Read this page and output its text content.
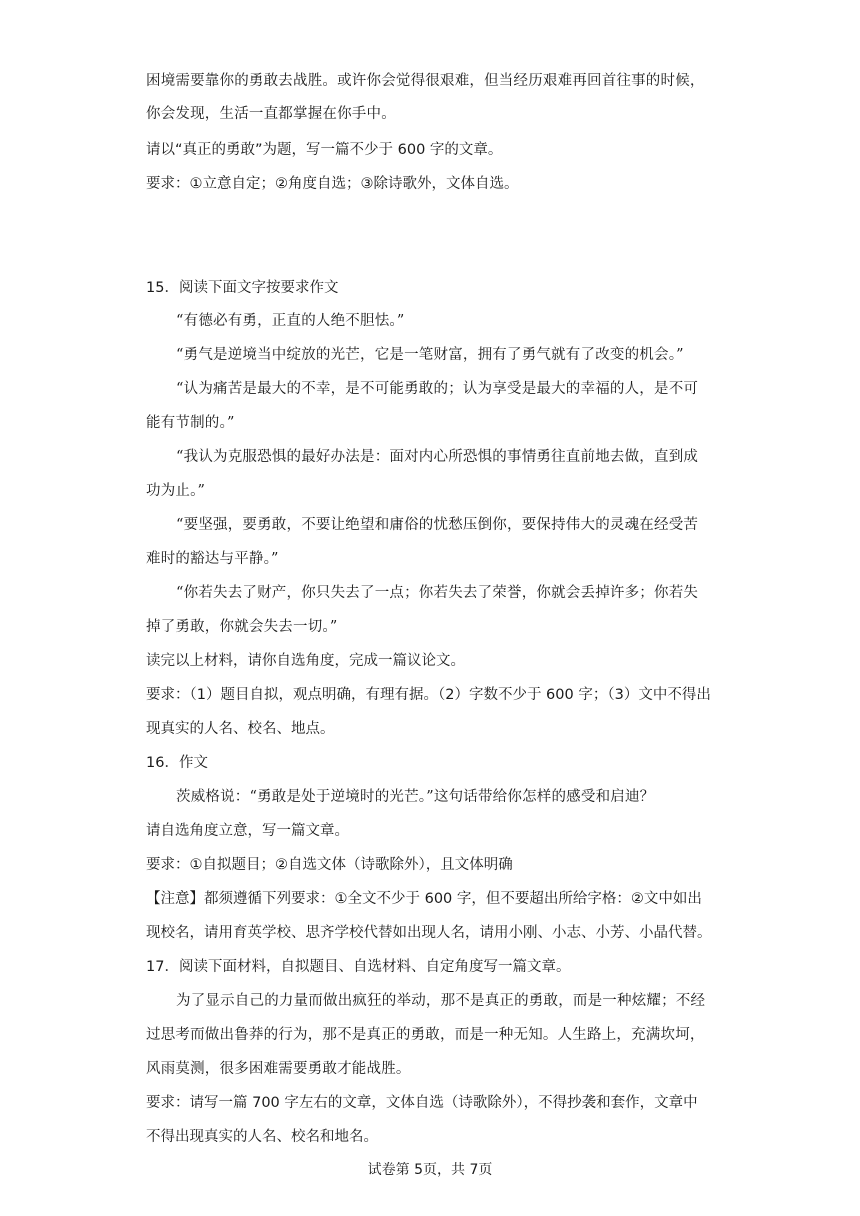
困境需要靠你的勇敢去战胜。或许你会觉得很艰难，但当经历艰难再回首往事的时候，
你会发现，生活一直都掌握在你手中。
请以“真正的勇敢”为题，写一篇不少于 600 字的文章。
要求：①立意自定；②角度自选；③除诗歌外，文体自选。
15．阅读下面文字按要求作文
“有德必有勇，正直的人绝不胆怯。”
“勇气是逆境当中绽放的光芒，它是一笔财富，拥有了勇气就有了改变的机会。”
“认为痛苦是最大的不幸，是不可能勇敢的；认为享受是最大的幸福的人，是不可
能有节制的。”
“我认为克服恐惧的最好办法是：面对内心所恐惧的事情勇往直前地去做，直到成
功为止。”
“要坚强，要勇敢，不要让绝望和庸俗的忧愁压倒你，要保持伟大的灵魂在经受苦
难时的豁达与平静。”
“你若失去了财产，你只失去了一点；你若失去了荣誉，你就会丢掉许多；你若失
掉了勇敢，你就会失去一切。”
读完以上材料，请你自选角度，完成一篇议论文。
要求：（1）题目自拟，观点明确，有理有据。（2）字数不少于 600 字；（3）文中不得出
现真实的人名、校名、地点。
16．作文
茨威格说：“勇敢是处于逆境时的光芒。”这句话带给你怎样的感受和启迪？
请自选角度立意，写一篇文章。
要求：①自拟题目；②自选文体（诗歌除外），且文体明确
【注意】都须遵循下列要求：①全文不少于 600 字，但不要超出所给字格：②文中如出
现校名，请用育英学校、思齐学校代替如出现人名，请用小刚、小志、小芳、小晶代替。
17．阅读下面材料，自拟题目、自选材料、自定角度写一篇文章。
为了显示自己的力量而做出疯狂的举动，那不是真正的勇敢，而是一种炫耀；不经
过思考而做出鲁莽的行为，那不是真正的勇敢，而是一种无知。人生路上，充满坎坷，
风雨莫测，很多困难需要勇敢才能战胜。
要求：请写一篇 700 字左右的文章，文体自选（诗歌除外），不得抄袭和套作，文章中
不得出现真实的人名、校名和地名。
试卷第 5页，共 7页
